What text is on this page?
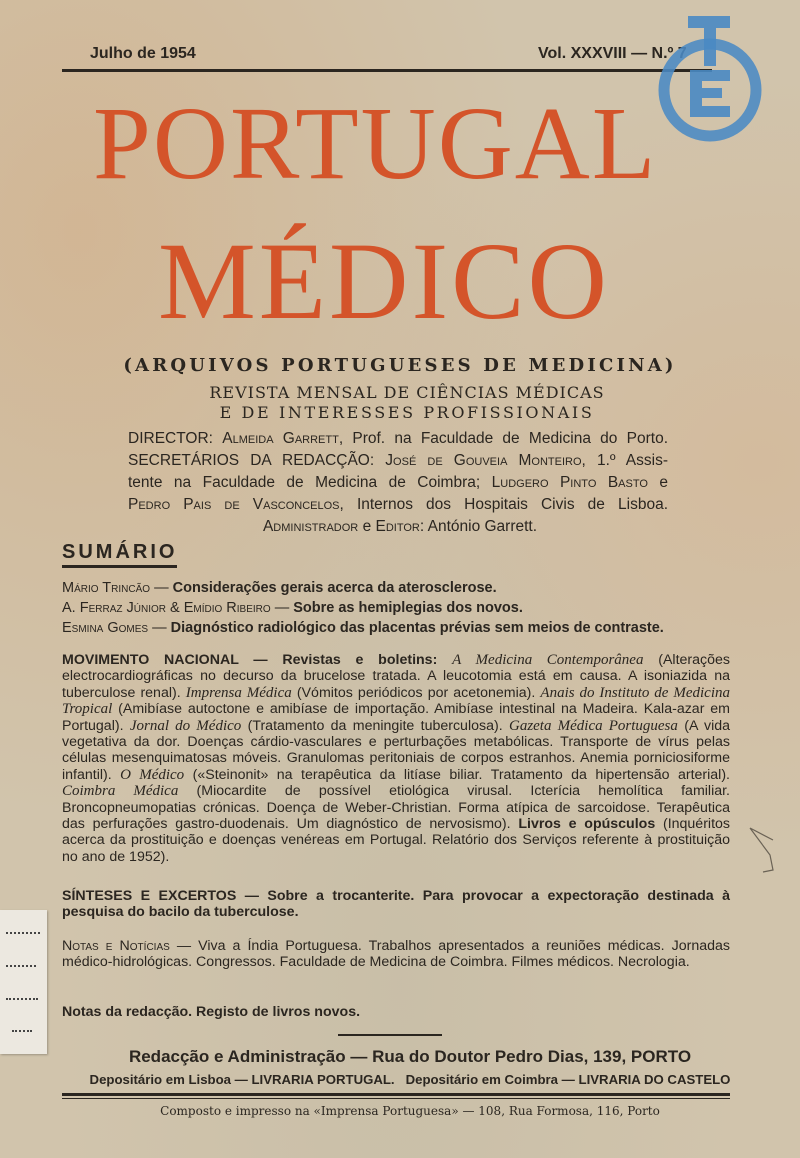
Julho de 1954	Vol. XXXVIII — N.º 7
PORTUGAL
MÉDICO
(ARQUIVOS PORTUGUESES DE MEDICINA)
REVISTA MENSAL DE CIÊNCIAS MÉDICAS
E DE INTERESSES PROFISSIONAIS
DIRECTOR: Almeida Garrett, Prof. na Faculdade de Medicina do Porto.
SECRETÁRIOS DA REDACÇÃO: José de Gouveia Monteiro, 1.º Assis-
tente na Faculdade de Medicina de Coimbra; Ludgero Pinto Basto e
Pedro Pais de Vasconcelos, Internos dos Hospitais Civis de Lisboa.
Administrador e Editor: António Garrett.
SUMÁRIO
Mário Trincão — Considerações gerais acerca da aterosclerose.
A. Ferraz Júnior & Emídio Ribeiro — Sobre as hemiplegias dos novos.
Esmina Gomes — Diagnóstico radiológico das placentas prévias sem meios de contraste.
MOVIMENTO NACIONAL — Revistas e boletins: A Medicina Contemporânea (Alterações electrocardiográficas no decurso da brucelose tratada. A leucotomia está em causa. A isoniazida na tuberculose renal). Imprensa Médica (Vómitos periódicos por acetonemia). Anais do Instituto de Medicina Tropical (Amibíase autoctone e amibíase de importação. Amibíase intestinal na Madeira. Kala-azar em Portugal). Jornal do Médico (Tratamento da meningite tuberculosa). Gazeta Médica Portuguesa (A vida vegetativa da dor. Doenças cárdio-vasculares e perturbações metabólicas. Transporte de vírus pelas células mesenquimatosas móveis. Granulomas peritoniais de corpos estranhos. Anemia porniciosiforme infantil). O Médico («Steinonit» na terapêutica da litíase biliar. Tratamento da hipertensão arterial). Coimbra Médica (Miocardite de possível etiológica virusal. Icterícia hemolítica familiar. Broncopneumopatias crónicas. Doença de Weber-Christian. Forma atípica de sarcoidose. Terapêutica das perfurações gastro-duodenais. Um diagnóstico de nervosismo). Livros e opúsculos (Inquéritos acerca da prostituição e doenças venéreas em Portugal. Relatório dos Serviços referente à prostituição no ano de 1952).
SÍNTESES E EXCERTOS — Sobre a trocanterite. Para provocar a expectoração destinada à pesquisa do bacilo da tuberculose.
Notas e Notícias — Viva a Índia Portuguesa. Trabalhos apresentados a reuniões médicas. Jornadas médico-hidrológicas. Congressos. Faculdade de Medicina de Coimbra. Filmes médicos. Necrologia.
Notas da redacção. Registo de livros novos.
Redacção e Administração — Rua do Doutor Pedro Dias, 139, PORTO
Depositário em Lisboa — LIVRARIA PORTUGAL.   Depositário em Coimbra — LIVRARIA DO CASTELO
Composto e impresso na «Imprensa Portuguesa» — 108, Rua Formosa, 116, Porto
